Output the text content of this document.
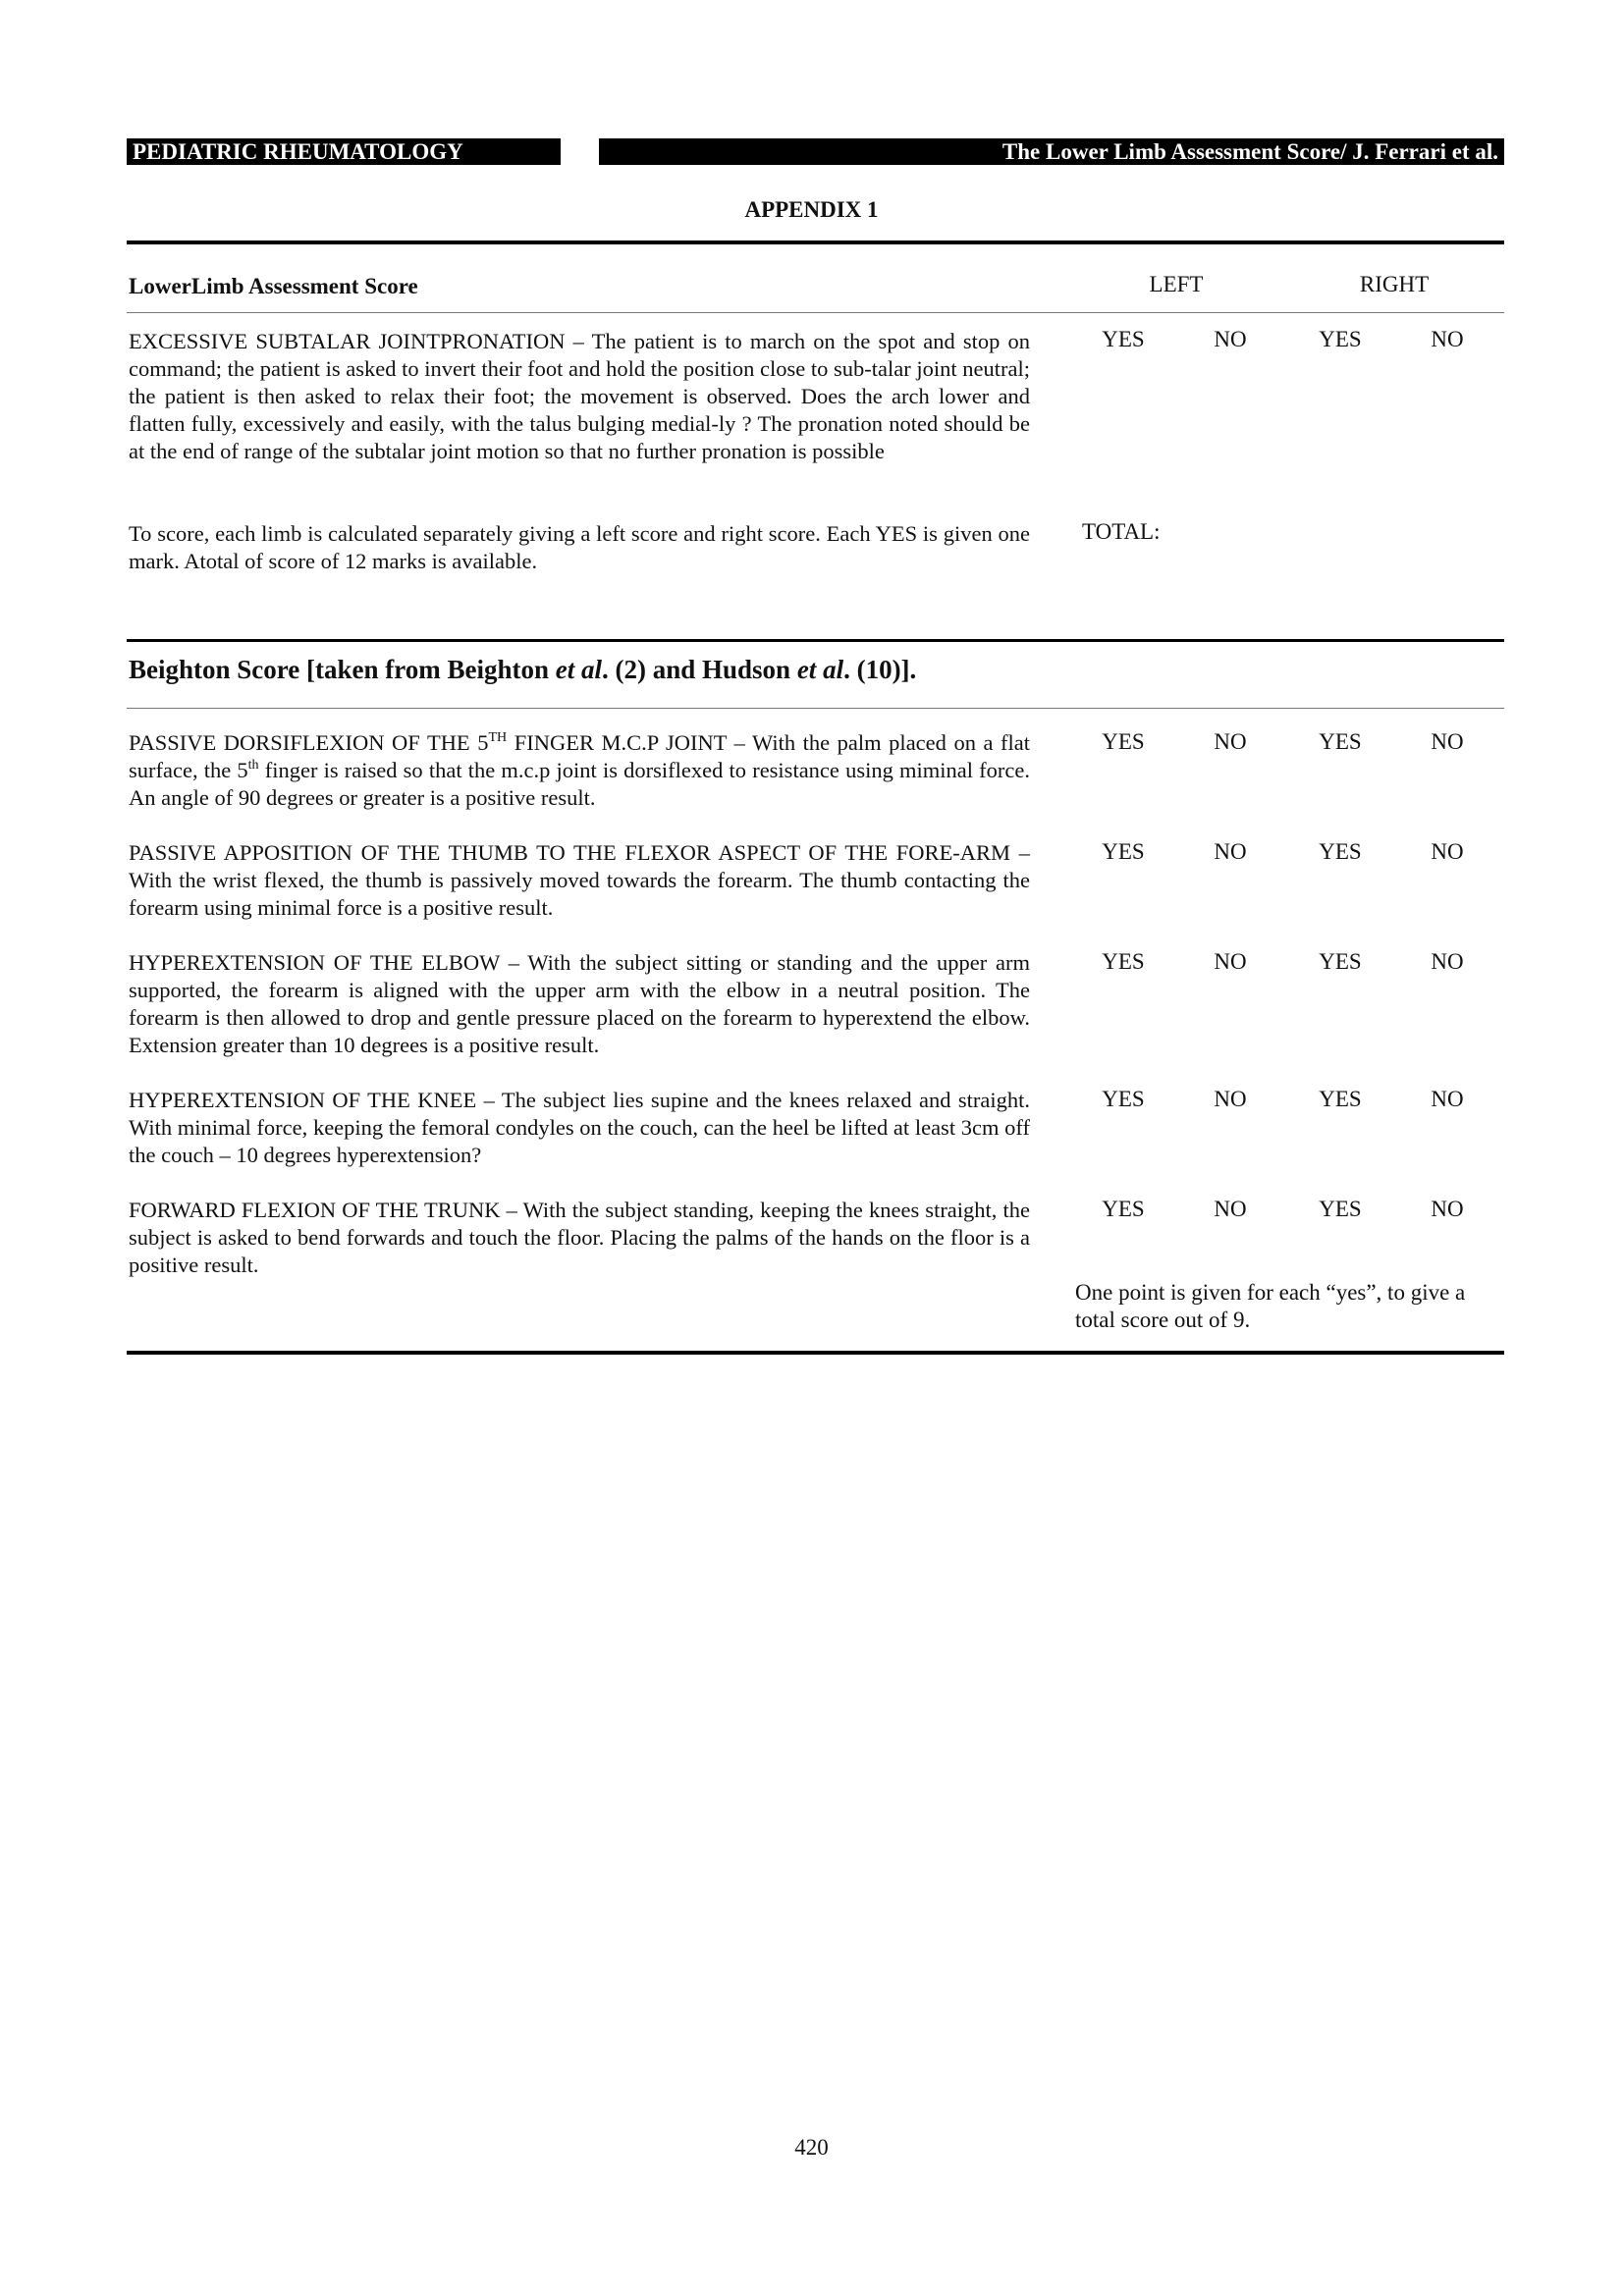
PEDIATRIC RHEUMATOLOGY	The Lower Limb Assessment Score/ J. Ferrari et al.
APPENDIX 1
LowerLimb Assessment Score	LEFT	RIGHT
EXCESSIVE SUBTALAR JOINTPRONATION – The patient is to march on the spot and stop on command; the patient is asked to invert their foot and hold the position close to sub-talar joint neutral; the patient is then asked to relax their foot; the movement is observed. Does the arch lower and flatten fully, excessively and easily, with the talus bulging medial-ly ? The pronation noted should be at the end of range of the subtalar joint motion so that no further pronation is possible
YES	NO	YES	NO
To score, each limb is calculated separately giving a left score and right score. Each YES is given one mark. Atotal of score of 12 marks is available.
TOTAL:
Beighton Score [taken from Beighton et al. (2) and Hudson et al. (10)].
PASSIVE DORSIFLEXION OF THE 5TH FINGER M.C.P JOINT – With the palm placed on a flat surface, the 5th finger is raised so that the m.c.p joint is dorsiflexed to resistance using miminal force. An angle of 90 degrees or greater is a positive result.
YES	NO	YES	NO
PASSIVE APPOSITION OF THE THUMB TO THE FLEXOR ASPECT OF THE FORE-ARM – With the wrist flexed, the thumb is passively moved towards the forearm. The thumb contacting the forearm using minimal force is a positive result.
YES	NO	YES	NO
HYPEREXTENSION OF THE ELBOW – With the subject sitting or standing and the upper arm supported, the forearm is aligned with the upper arm with the elbow in a neutral position. The forearm is then allowed to drop and gentle pressure placed on the forearm to hyperextend the elbow. Extension greater than 10 degrees is a positive result.
YES	NO	YES	NO
HYPEREXTENSION OF THE KNEE – The subject lies supine and the knees relaxed and straight. With minimal force, keeping the femoral condyles on the couch, can the heel be lifted at least 3cm off the couch – 10 degrees hyperextension?
YES	NO	YES	NO
FORWARD FLEXION OF THE TRUNK – With the subject standing, keeping the knees straight, the subject is asked to bend forwards and touch the floor. Placing the palms of the hands on the floor is a positive result.
YES	NO	YES	NO
One point is given for each “yes”, to give a total score out of 9.
420
